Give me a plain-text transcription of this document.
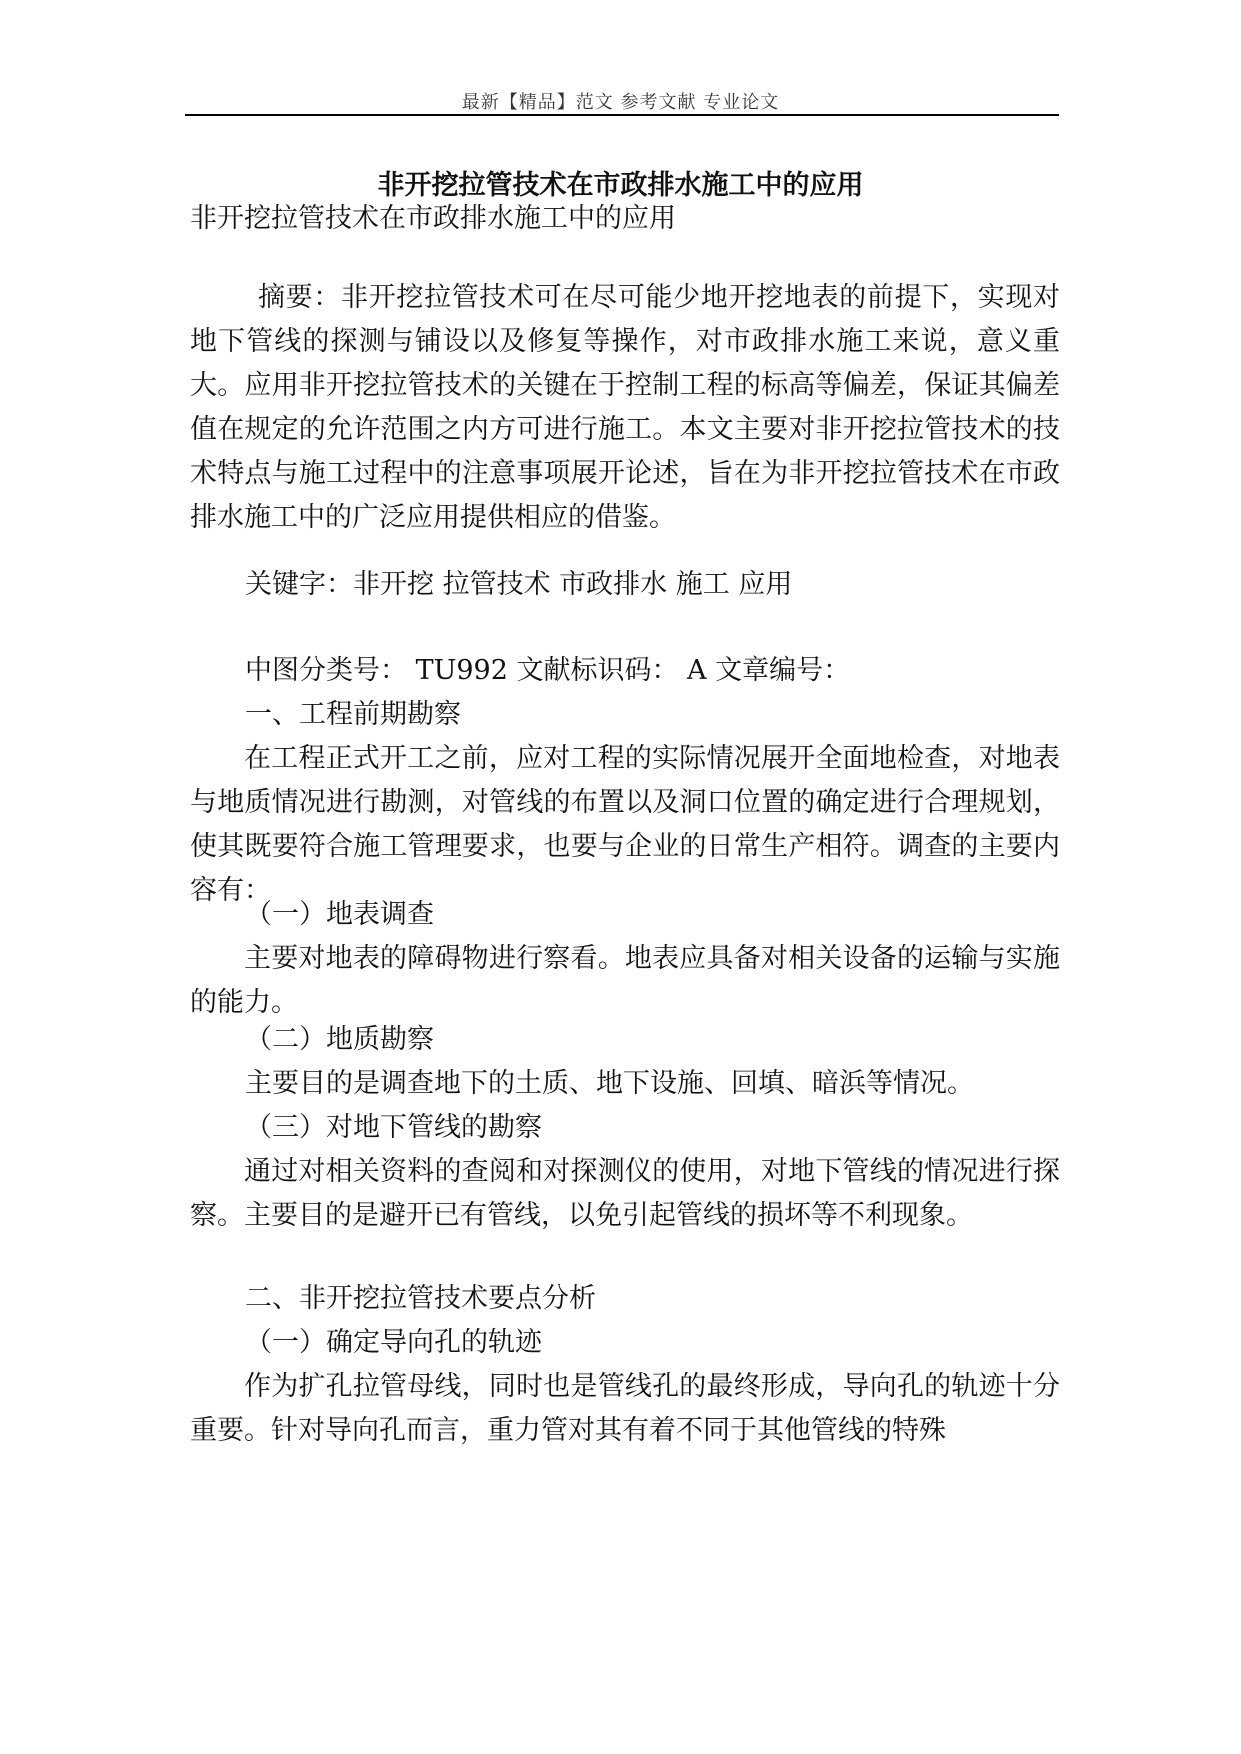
最新【精品】范文 参考文献 专业论文

非开挖拉管技术在市政排水施工中的应用

非开挖拉管技术在市政排水施工中的应用

摘要：非开挖拉管技术可在尽可能少地开挖地表的前提下，实现对地下管线的探测与铺设以及修复等操作，对市政排水施工来说，意义重大。应用非开挖拉管技术的关键在于控制工程的标高等偏差，保证其偏差值在规定的允许范围之内方可进行施工。本文主要对非开挖拉管技术的技术特点与施工过程中的注意事项展开论述，旨在为非开挖拉管技术在市政排水施工中的广泛应用提供相应的借鉴。

关键字：非开挖 拉管技术 市政排水 施工 应用

中图分类号： TU992 文献标识码： A 文章编号：

一、工程前期勘察

在工程正式开工之前，应对工程的实际情况展开全面地检查，对地表与地质情况进行勘测，对管线的布置以及洞口位置的确定进行合理规划，使其既要符合施工管理要求，也要与企业的日常生产相符。调查的主要内容有：

（一）地表调查

主要对地表的障碍物进行察看。地表应具备对相关设备的运输与实施的能力。

（二）地质勘察

主要目的是调查地下的土质、地下设施、回填、暗浜等情况。

（三）对地下管线的勘察

通过对相关资料的查阅和对探测仪的使用，对地下管线的情况进行探察。主要目的是避开已有管线，以免引起管线的损坏等不利现象。

二、非开挖拉管技术要点分析

（一）确定导向孔的轨迹

作为扩孔拉管母线，同时也是管线孔的最终形成，导向孔的轨迹十分重要。针对导向孔而言，重力管对其有着不同于其他管线的特殊
